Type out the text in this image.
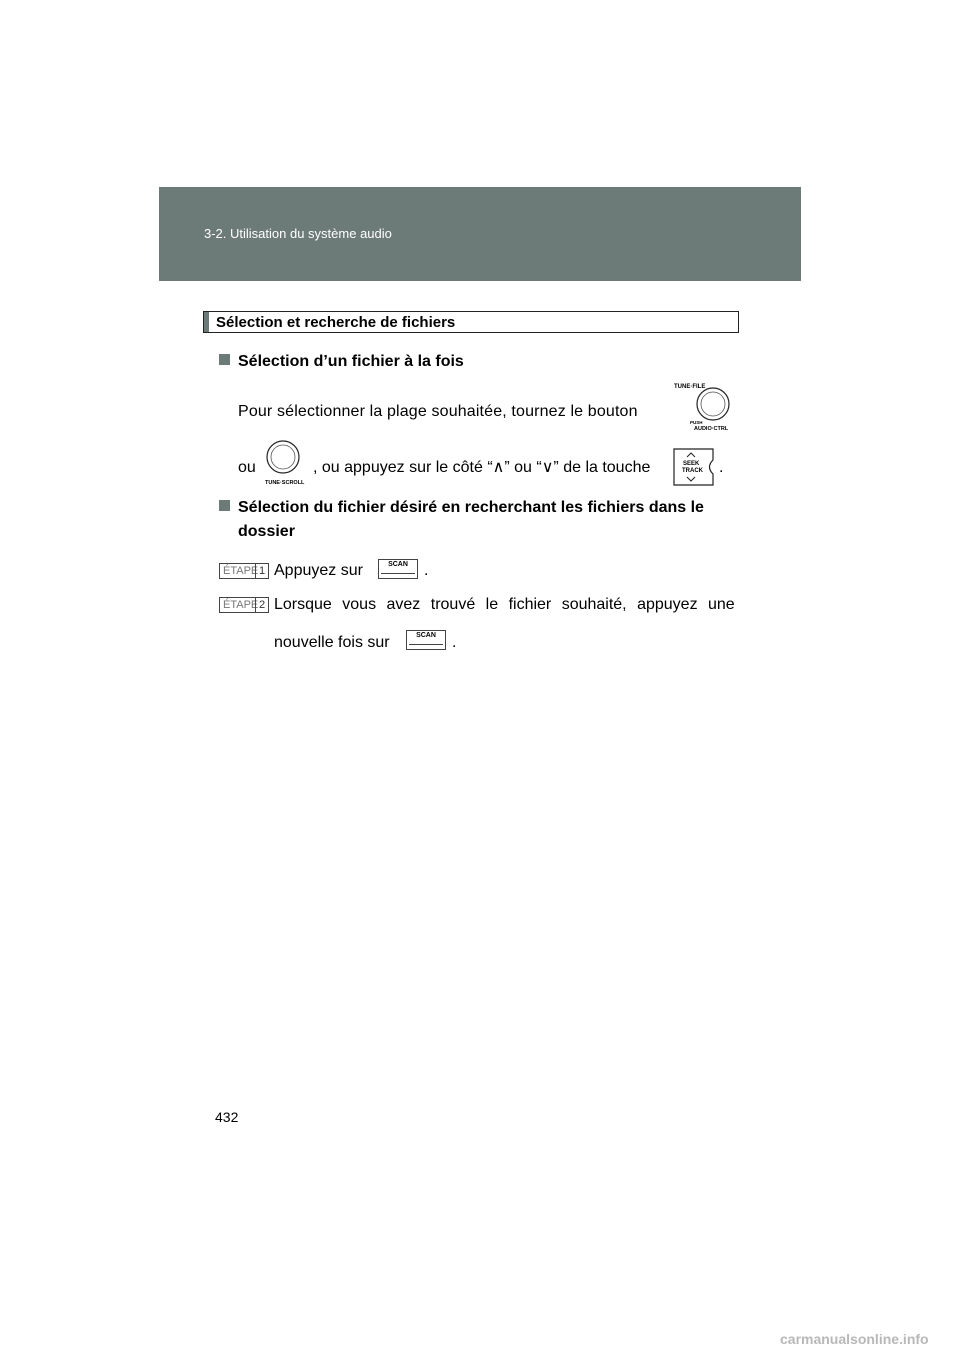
3-2. Utilisation du système audio
Sélection et recherche de fichiers
Sélection d’un fichier à la fois
Pour sélectionner la plage souhaitée, tournez le bouton
TUNE·FILE
PUSH
AUDIO·CTRL
ou
TUNE·SCROLL
, ou appuyez sur le côté “∧” ou “∨” de la touche	SEEK
TRACK .
Sélection du fichier désiré en recherchant les fichiers dans le
dossier
ÉTAPE 1 Appuyez sur	SCAN	.
ÉTAPE 2 Lorsque vous avez trouvé le fichier souhaité, appuyez une
nouvelle fois sur	SCAN	.
432
carmanualsonline.info
